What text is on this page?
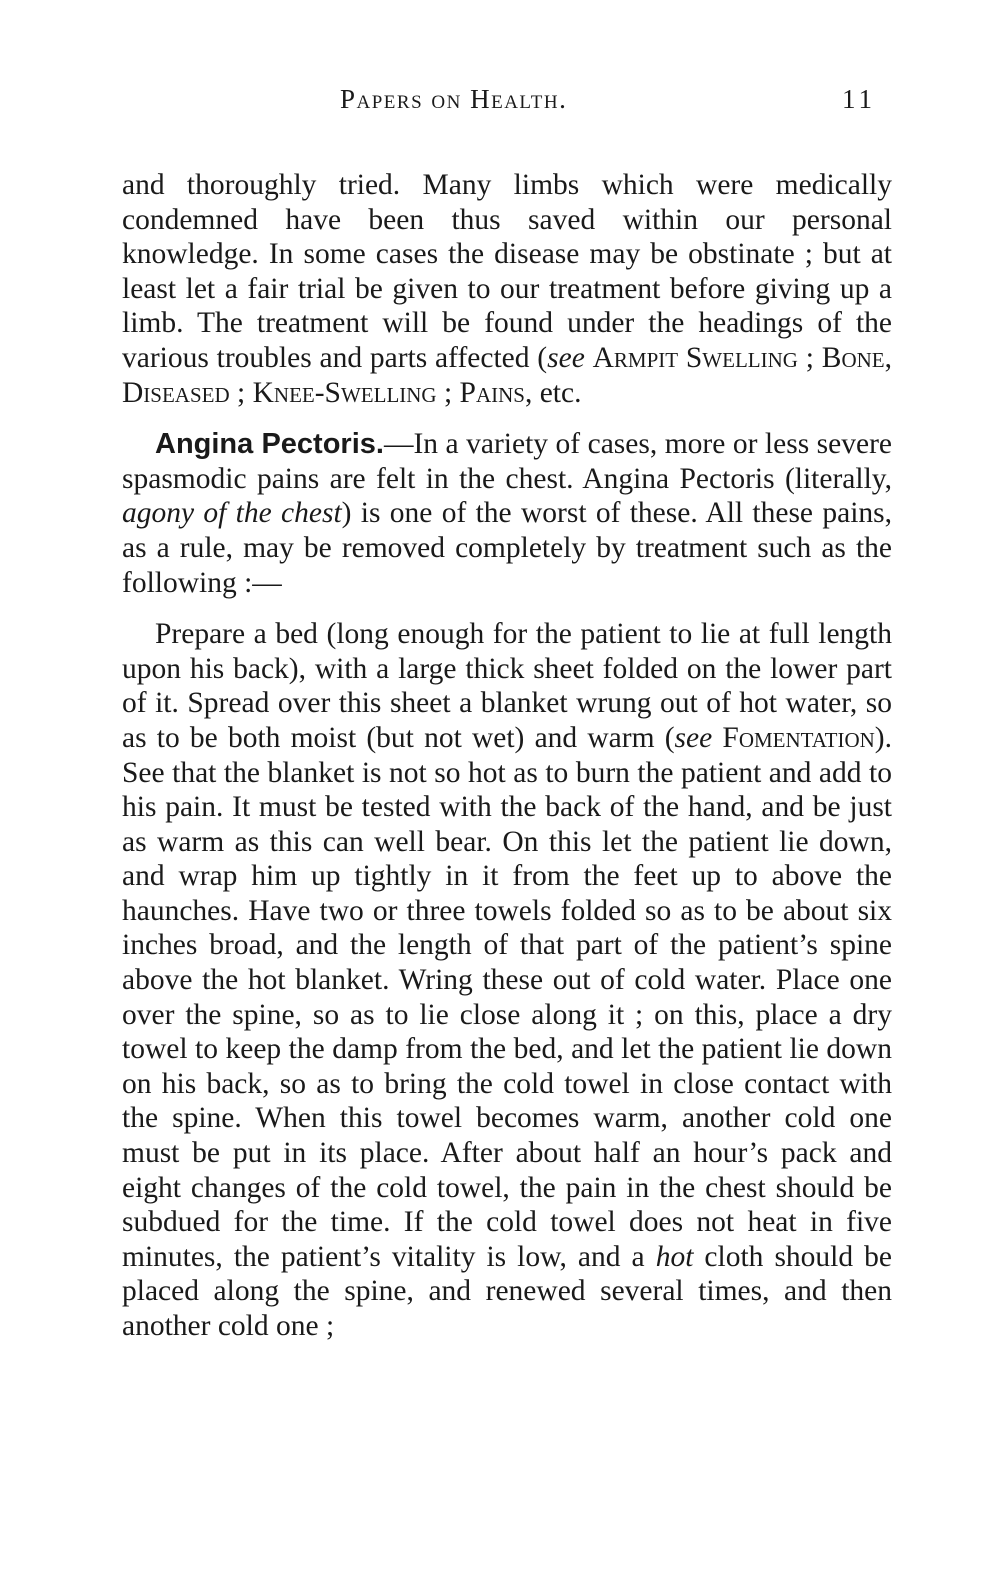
Papers on Health.	11

and thoroughly tried. Many limbs which were medically condemned have been thus saved within our personal knowledge. In some cases the disease may be obstinate ; but at least let a fair trial be given to our treatment before giving up a limb. The treatment will be found under the headings of the various troubles and parts affected (see Armpit Swelling ; Bone, Diseased ; Knee-Swelling ; Pains, etc.

Angina Pectoris.—In a variety of cases, more or less severe spasmodic pains are felt in the chest. Angina Pectoris (literally, agony of the chest) is one of the worst of these. All these pains, as a rule, may be removed completely by treatment such as the following :—

Prepare a bed (long enough for the patient to lie at full length upon his back), with a large thick sheet folded on the lower part of it. Spread over this sheet a blanket wrung out of hot water, so as to be both moist (but not wet) and warm (see Fomentation). See that the blanket is not so hot as to burn the patient and add to his pain. It must be tested with the back of the hand, and be just as warm as this can well bear. On this let the patient lie down, and wrap him up tightly in it from the feet up to above the haunches. Have two or three towels folded so as to be about six inches broad, and the length of that part of the patient’s spine above the hot blanket. Wring these out of cold water. Place one over the spine, so as to lie close along it ; on this, place a dry towel to keep the damp from the bed, and let the patient lie down on his back, so as to bring the cold towel in close contact with the spine. When this towel becomes warm, another cold one must be put in its place. After about half an hour’s pack and eight changes of the cold towel, the pain in the chest should be subdued for the time. If the cold towel does not heat in five minutes, the patient’s vitality is low, and a hot cloth should be placed along the spine, and renewed several times, and then another cold one ;
